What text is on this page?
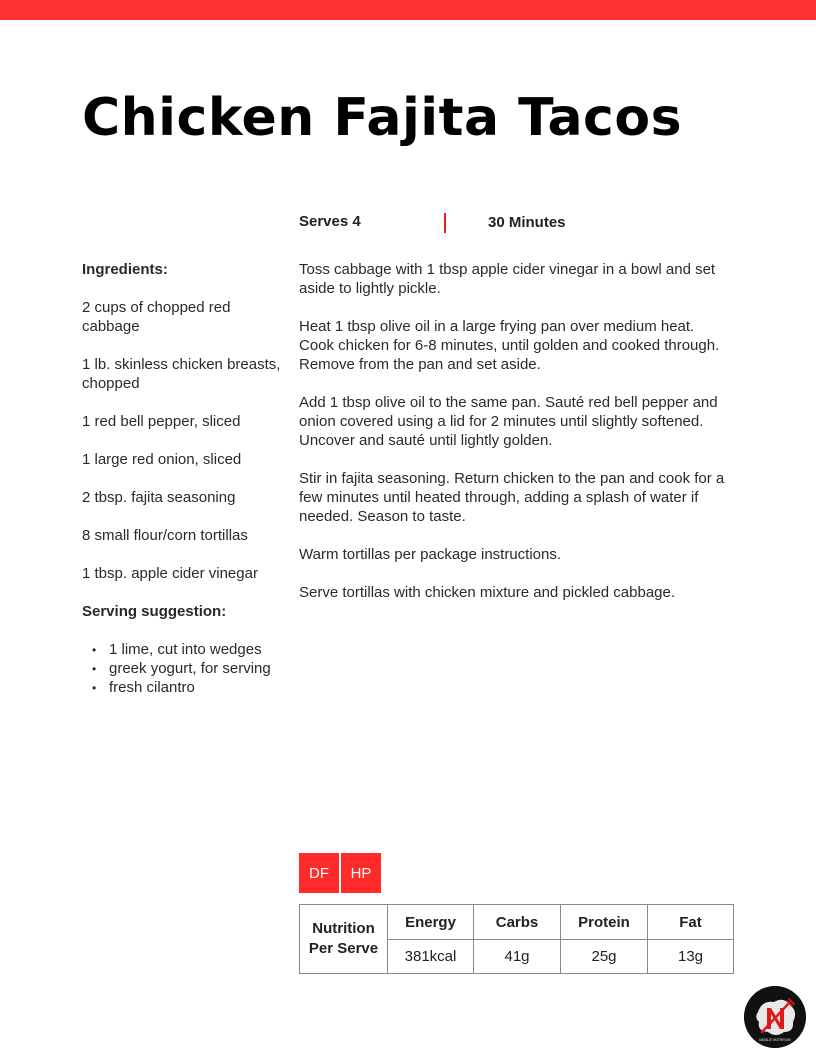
Chicken Fajita Tacos
Serves 4	30 Minutes
Ingredients:
2 cups of chopped red cabbage
1 lb. skinless chicken breasts, chopped
1 red bell pepper, sliced
1 large red onion, sliced
2 tbsp. fajita seasoning
8 small flour/corn tortillas
1 tbsp. apple cider vinegar
Serving suggestion:
• 1 lime, cut into wedges
• greek yogurt, for serving
• fresh cilantro

Toss cabbage with 1 tbsp apple cider vinegar in a bowl and set aside to lightly pickle.

Heat 1 tbsp olive oil in a large frying pan over medium heat. Cook chicken for 6-8 minutes, until golden and cooked through. Remove from the pan and set aside.

Add 1 tbsp olive oil to the same pan. Sauté red bell pepper and onion covered using a lid for 2 minutes until slightly softened. Uncover and sauté until lightly golden.

Stir in fajita seasoning. Return chicken to the pan and cook for a few minutes until heated through, adding a splash of water if needed. Season to taste.

Warm tortillas per package instructions.

Serve tortillas with chicken mixture and pickled cabbage.

DF	HP
Nutrition
Per Serve	Energy	Carbs	Protein	Fat
	381kcal	41g	25g	13g
NATALIE NUTRITION
